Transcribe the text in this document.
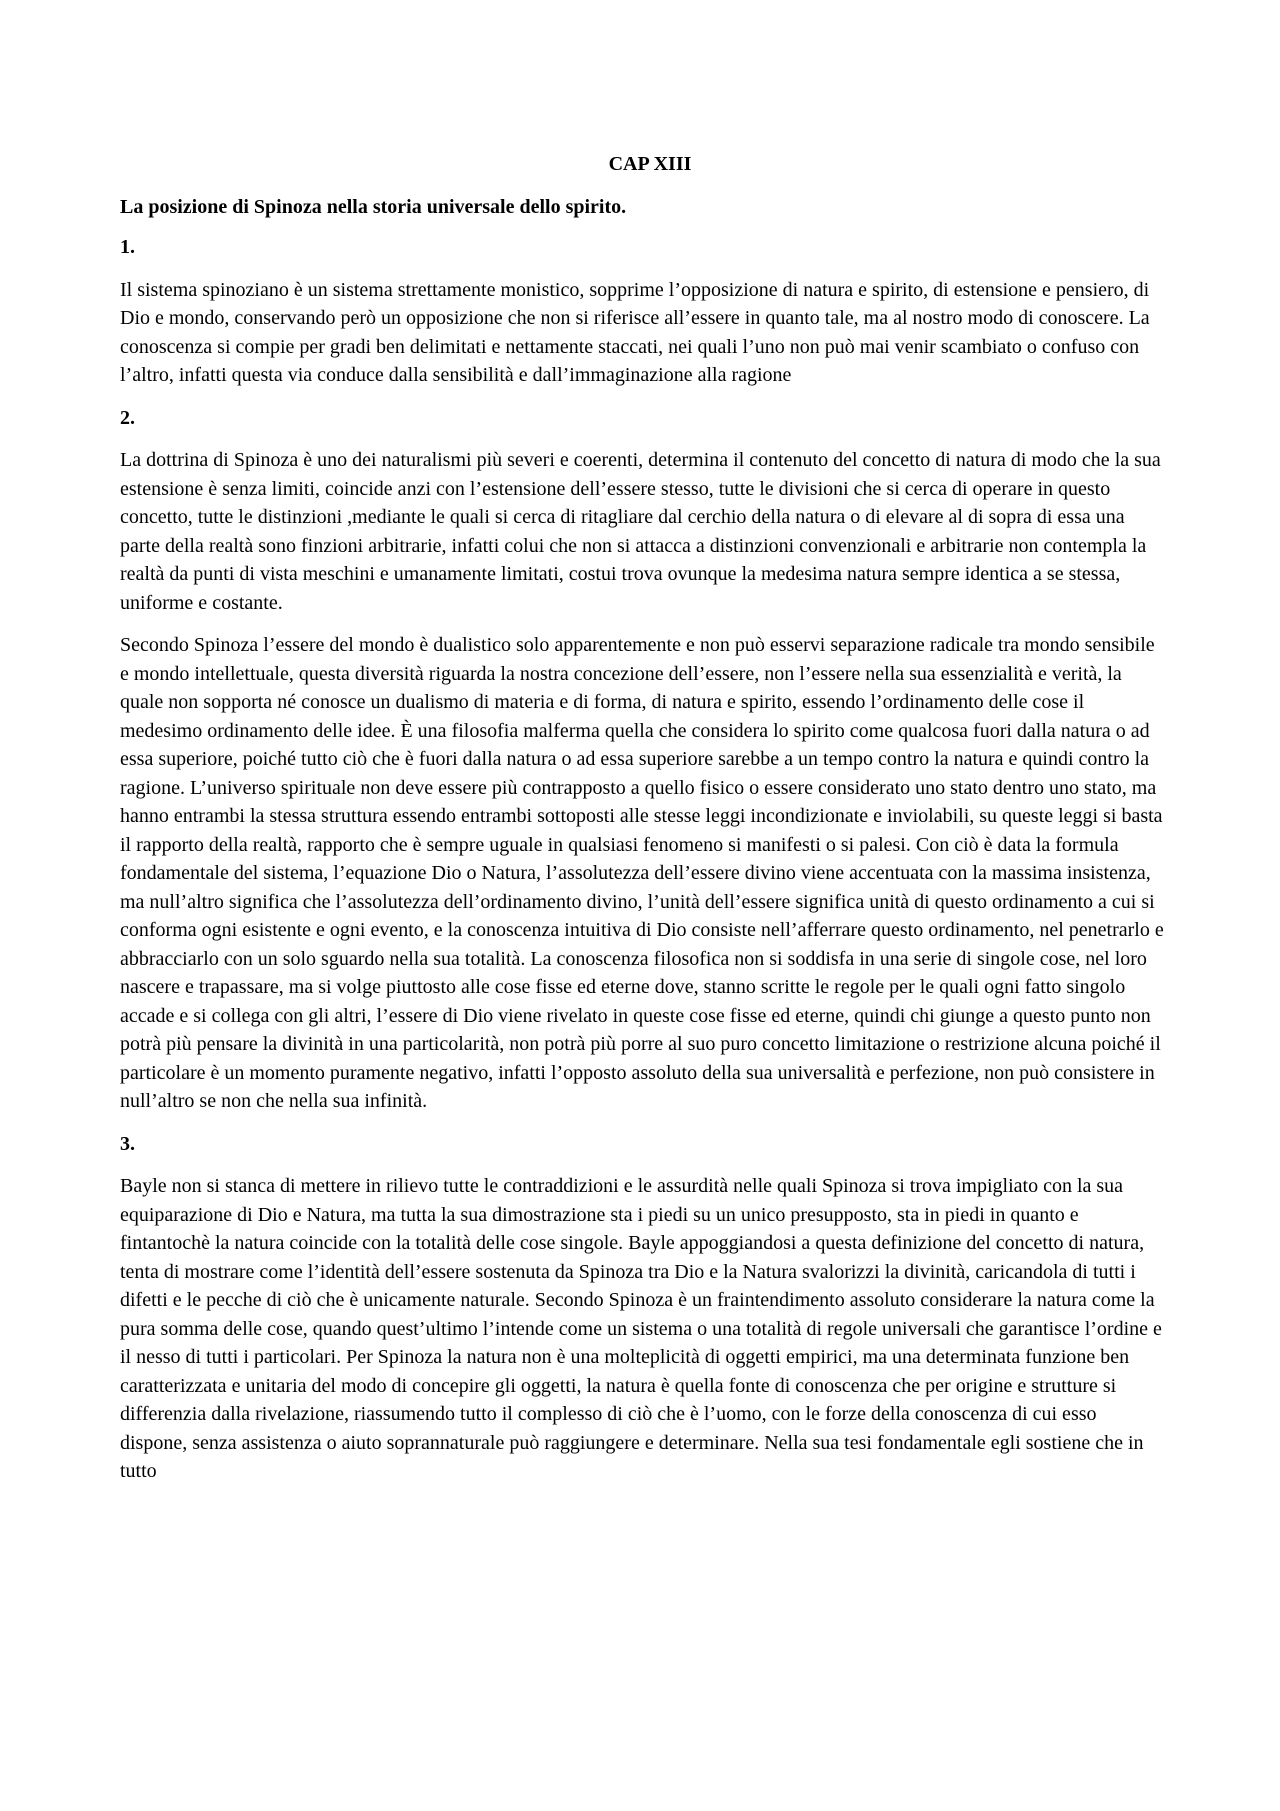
CAP XIII
La posizione di Spinoza nella storia universale dello spirito.
1.

Il sistema spinoziano è un sistema strettamente monistico, sopprime l’opposizione di natura e spirito, di estensione e pensiero, di Dio e mondo, conservando però un opposizione che non si riferisce all’essere in quanto tale, ma al nostro modo di conoscere. La conoscenza si compie per gradi ben delimitati e nettamente staccati, nei quali l’uno non può mai venir scambiato o confuso con l’altro, infatti questa via conduce dalla sensibilità e dall’immaginazione alla ragione

2.

La dottrina di Spinoza è uno dei naturalismi più severi e coerenti, determina il contenuto del concetto di natura di modo che la sua estensione è senza limiti, coincide anzi con l’estensione dell’essere stesso, tutte le divisioni che si cerca di operare in questo concetto, tutte le distinzioni ,mediante le quali si cerca di ritagliare dal cerchio della natura o di elevare al di sopra di essa una parte della realtà sono finzioni arbitrarie, infatti colui che non si attacca a distinzioni convenzionali e arbitrarie non contempla la realtà da punti di vista meschini e umanamente limitati, costui trova ovunque la medesima natura sempre identica a se stessa, uniforme e costante.

Secondo Spinoza l’essere del mondo è dualistico solo apparentemente e non può esservi separazione radicale tra mondo sensibile e mondo intellettuale, questa diversità riguarda la nostra concezione dell’essere, non l’essere nella sua essenzialità e verità, la quale non sopporta né conosce un dualismo di materia e di forma, di natura e spirito, essendo l’ordinamento delle cose il medesimo ordinamento delle idee. È una filosofia malferma quella che considera lo spirito come qualcosa fuori dalla natura o ad essa superiore, poiché tutto ciò che è fuori dalla natura o ad essa superiore sarebbe a un tempo contro la natura e quindi contro la ragione. L’universo spirituale non deve essere più contrapposto a quello fisico o essere considerato uno stato dentro uno stato, ma hanno entrambi la stessa struttura essendo entrambi sottoposti alle stesse leggi incondizionate e inviolabili, su queste leggi si basta il rapporto della realtà, rapporto che è sempre uguale in qualsiasi fenomeno si manifesti o si palesi. Con ciò è data la formula fondamentale del sistema, l’equazione Dio o Natura, l’assolutezza dell’essere divino viene accentuata con la massima insistenza, ma null’altro significa che l’assolutezza dell’ordinamento divino, l’unità dell’essere significa unità di questo ordinamento a cui si conforma ogni esistente e ogni evento, e la conoscenza intuitiva di Dio consiste nell’afferrare questo ordinamento, nel penetrarlo e abbracciarlo con un solo sguardo nella sua totalità. La conoscenza filosofica non si soddisfa in una serie di singole cose, nel loro nascere e trapassare, ma si volge piuttosto alle cose fisse ed eterne dove, stanno scritte le regole per le quali ogni fatto singolo accade e si collega con gli altri, l’essere di Dio viene rivelato in queste cose fisse ed eterne, quindi chi giunge a questo punto non potrà più pensare la divinità in una particolarità, non potrà più porre al suo puro concetto limitazione o restrizione alcuna poiché il particolare è un momento puramente negativo, infatti l’opposto assoluto della sua universalità e perfezione, non può consistere in null’altro se non che nella sua infinità.

3.

Bayle non si stanca di mettere in rilievo tutte le contraddizioni e le assurdità nelle quali Spinoza si trova impigliato con la sua equiparazione di Dio e Natura, ma tutta la sua dimostrazione sta i piedi su un unico presupposto, sta in piedi in quanto e fintantochè la natura coincide con la totalità delle cose singole. Bayle appoggiandosi a questa definizione del concetto di natura, tenta di mostrare come l’identità dell’essere sostenuta da Spinoza tra Dio e la Natura svalorizzi la divinità, caricandola di tutti i difetti e le pecche di ciò che è unicamente naturale. Secondo Spinoza è un fraintendimento assoluto considerare la natura come la pura somma delle cose, quando quest’ultimo l’intende come un sistema o una totalità di regole universali che garantisce l’ordine e il nesso di tutti i particolari. Per Spinoza la natura non è una molteplicità di oggetti empirici, ma una determinata funzione ben caratterizzata e unitaria del modo di concepire gli oggetti, la natura è quella fonte di conoscenza che per origine e strutture si differenzia dalla rivelazione, riassumendo tutto il complesso di ciò che è l’uomo, con le forze della conoscenza di cui esso dispone, senza assistenza o aiuto soprannaturale può raggiungere e determinare. Nella sua tesi fondamentale egli sostiene che in tutto
